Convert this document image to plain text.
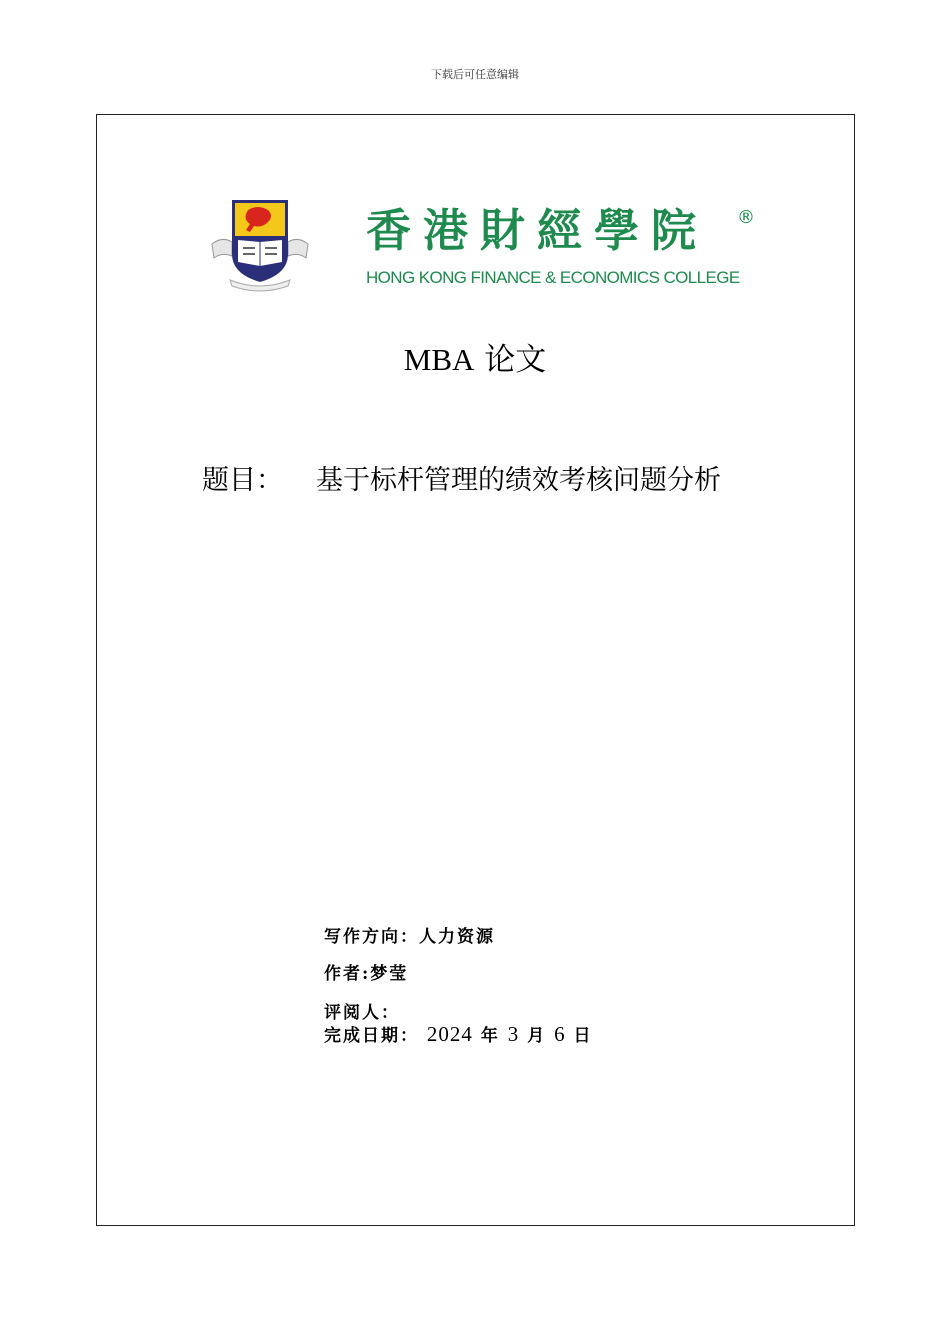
下载后可任意编辑
香港財經學院 ®
HONG KONG FINANCE & ECONOMICS COLLEGE
MBA 论文
题目： 基于标杆管理的绩效考核问题分析
写作方向：人力资源
作者:梦莹
评阅人：
完成日期： 2024 年 3 月 6 日
